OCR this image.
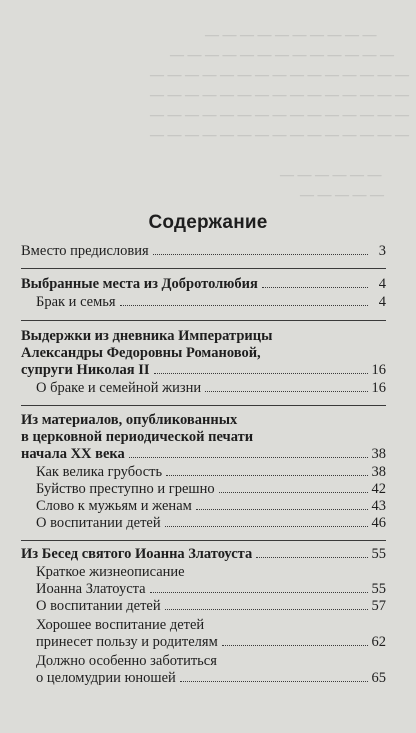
— — — — — — — — — —
— — — — — — — — — — — — —
— — — — — — — — — — — — — — —
— — — — — — — — — — — — — — —
— — — — — — — — — — — — — — —
— — — — — — — — — — — — — — —
— — — — — —
— — — — —
Содержание
Вместо предисловия	3
Выбранные места из Добротолюбия	4
Брак и семья	4
Выдержки из дневника Императрицы
Александры Федоровны Романовой,
супруги Николая II	16
О браке и семейной жизни	16
Из материалов, опубликованных
в церковной периодической печати
начала XX века	38
Как велика грубость	38
Буйство преступно и грешно	42
Слово к мужьям и женам	43
О воспитании детей	46
Из Бесед святого Иоанна Златоуста	55
Краткое жизнеописание
Иоанна Златоуста	55
О воспитании детей	57
Хорошее воспитание детей
принесет пользу и родителям	62
Должно особенно заботиться
о целомудрии юношей	65
